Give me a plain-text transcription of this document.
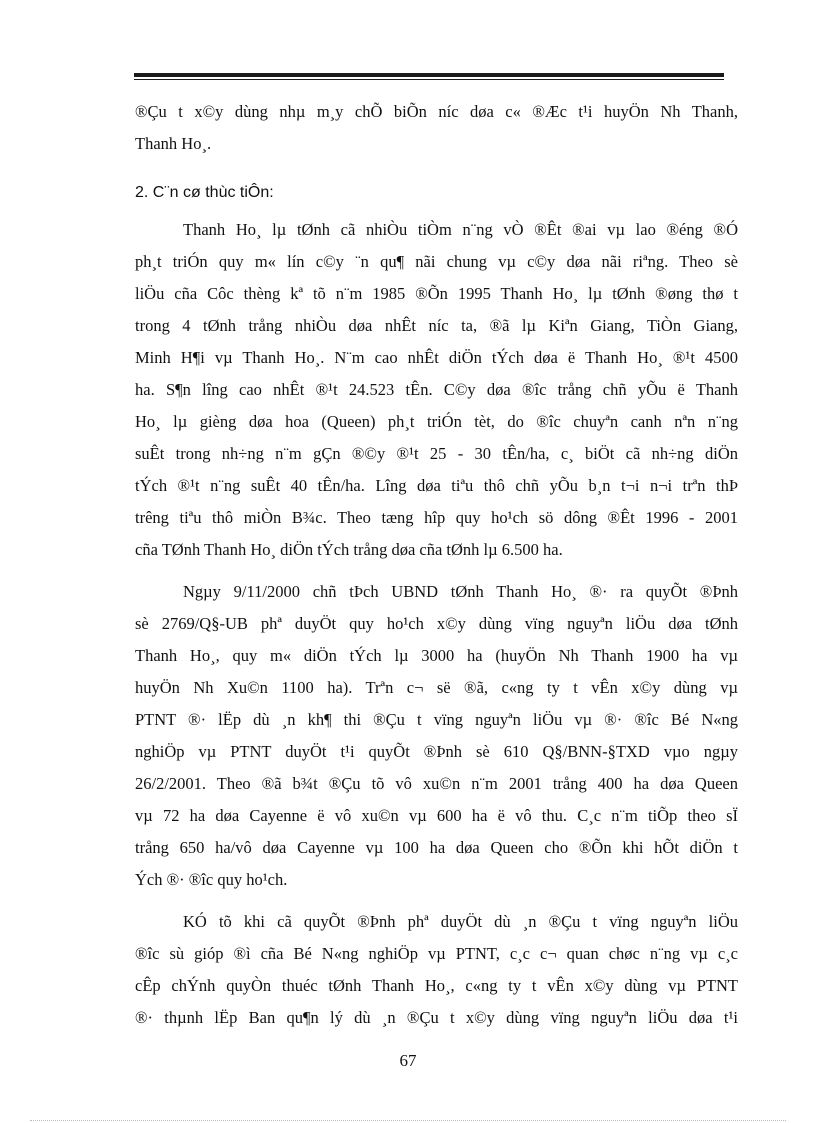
®Çu t x©y dùng nhµ m¸y chÕ biÕn níc døa c« ®Æc t¹i huyÖn Nh Thanh,
Thanh Ho¸.

2. C¨n cø thùc tiÔn:

Thanh Ho¸ lµ tØnh cã nhiÒu tiÒm n¨ng vÒ ®Êt ®ai vµ lao ®éng ®Ó
ph¸t triÓn quy m« lín c©y ¨n qu¶ nãi chung vµ c©y døa nãi riªng. Theo sè
liÖu cña Côc thèng kª tõ n¨m 1985 ®Õn 1995 Thanh Ho¸ lµ tØnh ®øng thø t
trong 4 tØnh trång nhiÒu døa nhÊt níc ta, ®ã lµ Kiªn Giang, TiÒn Giang,
Minh H¶i vµ Thanh Ho¸. N¨m cao nhÊt diÖn tÝch døa ë Thanh Ho¸ ®¹t 4500
ha. S¶n lîng cao nhÊt ®¹t 24.523 tÊn. C©y døa ®îc trång chñ yÕu ë Thanh
Ho¸ lµ gièng døa hoa (Queen) ph¸t triÓn tèt, do ®îc chuyªn canh nªn n¨ng
suÊt trong nh÷ng n¨m gÇn ®©y ®¹t 25 - 30 tÊn/ha, c¸ biÖt cã nh÷ng diÖn
tÝch ®¹t n¨ng suÊt 40 tÊn/ha. Lîng døa tiªu thô chñ yÕu b¸n t¬i n¬i trªn thÞ
trêng tiªu thô miÒn B¾c. Theo tæng hîp quy ho¹ch sö dông ®Êt 1996 - 2001
cña TØnh Thanh Ho¸ diÖn tÝch trång døa cña tØnh lµ 6.500 ha.

Ngµy 9/11/2000 chñ tÞch UBND tØnh Thanh Ho¸ ®· ra quyÕt ®Þnh
sè 2769/Q§-UB phª duyÖt quy ho¹ch x©y dùng vïng nguyªn liÖu døa tØnh
Thanh Ho¸, quy m« diÖn tÝch lµ 3000 ha (huyÖn Nh Thanh 1900 ha vµ
huyÖn Nh Xu©n 1100 ha). Trªn c¬ së ®ã, c«ng ty t vÊn x©y dùng vµ
PTNT ®· lËp dù ¸n kh¶ thi ®Çu t vïng nguyªn liÖu vµ ®· ®îc Bé N«ng
nghiÖp vµ PTNT duyÖt t¹i quyÕt ®Þnh sè 610 Q§/BNN-§TXD vµo ngµy
26/2/2001. Theo ®ã b¾t ®Çu tõ vô xu©n n¨m 2001 trång 400 ha døa Queen
vµ 72 ha døa Cayenne ë vô xu©n vµ 600 ha ë vô thu. C¸c n¨m tiÕp theo sÏ
trång 650 ha/vô døa Cayenne vµ 100 ha døa Queen cho ®Õn khi hÕt diÖn t
Ých ®· ®îc quy ho¹ch.

KÓ tõ khi cã quyÕt ®Þnh phª duyÖt dù ¸n ®Çu t vïng nguyªn liÖu
®îc sù gióp ®ì cña Bé N«ng nghiÖp vµ PTNT, c¸c c¬ quan chøc n¨ng vµ c¸c
cÊp chÝnh quyÒn thuéc tØnh Thanh Ho¸, c«ng ty t vÊn x©y dùng vµ PTNT
®· thµnh lËp Ban qu¶n lý dù ¸n ®Çu t x©y dùng vïng nguyªn liÖu døa t¹i

67
